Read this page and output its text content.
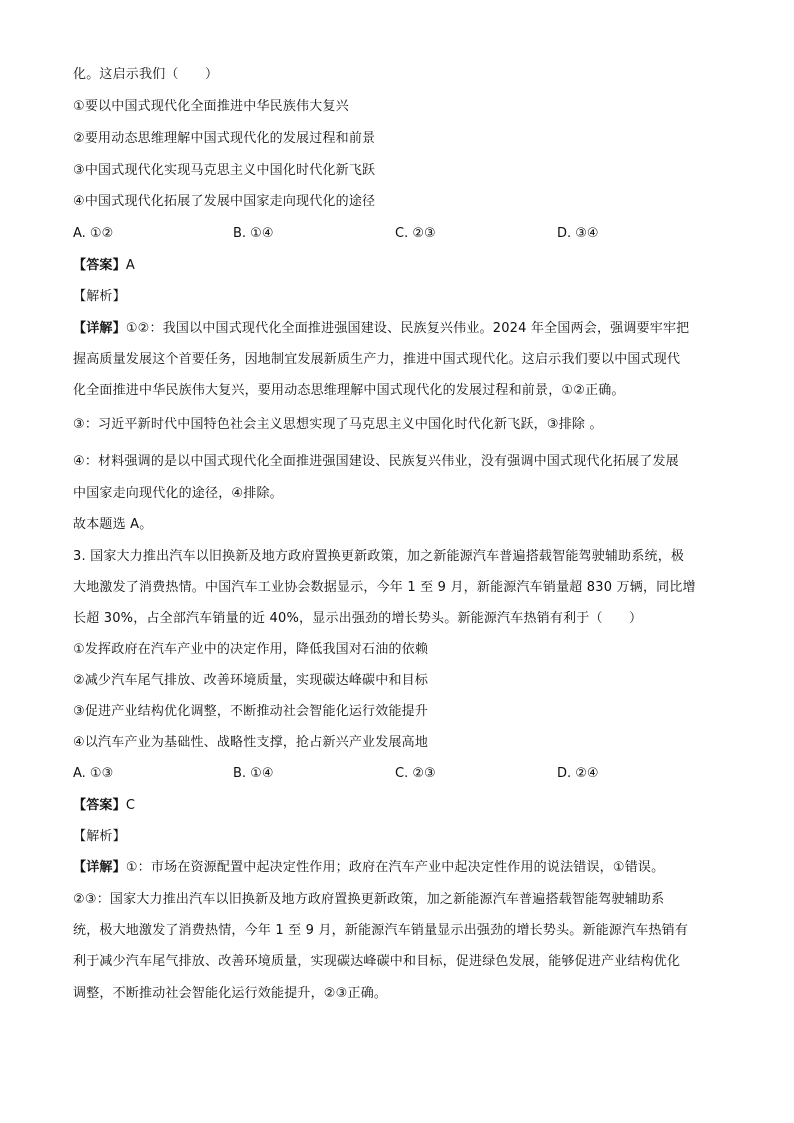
化。这启示我们（　　）
①要以中国式现代化全面推进中华民族伟大复兴
②要用动态思维理解中国式现代化的发展过程和前景
③中国式现代化实现马克思主义中国化时代化新飞跃
④中国式现代化拓展了发展中国家走向现代化的途径
A. ①②	B. ①④	C. ②③	D. ③④
【答案】A
【解析】
【详解】①②：我国以中国式现代化全面推进强国建设、民族复兴伟业。2024 年全国两会，强调要牢牢把
握高质量发展这个首要任务，因地制宜发展新质生产力，推进中国式现代化。这启示我们要以中国式现代
化全面推进中华民族伟大复兴，要用动态思维理解中国式现代化的发展过程和前景，①②正确。
③：习近平新时代中国特色社会主义思想实现了马克思主义中国化时代化新飞跃，③排除 。
④：材料强调的是以中国式现代化全面推进强国建设、民族复兴伟业，没有强调中国式现代化拓展了发展
中国家走向现代化的途径，④排除。
故本题选 A。
3. 国家大力推出汽车以旧换新及地方政府置换更新政策，加之新能源汽车普遍搭载智能驾驶辅助系统，极
大地激发了消费热情。中国汽车工业协会数据显示，今年 1 至 9 月，新能源汽车销量超 830 万辆，同比增
长超 30%，占全部汽车销量的近 40%，显示出强劲的增长势头。新能源汽车热销有利于（　　）
①发挥政府在汽车产业中的决定作用，降低我国对石油的依赖
②减少汽车尾气排放、改善环境质量，实现碳达峰碳中和目标
③促进产业结构优化调整，不断推动社会智能化运行效能提升
④以汽车产业为基础性、战略性支撑，抢占新兴产业发展高地
A. ①③	B. ①④	C. ②③	D. ②④
【答案】C
【解析】
【详解】①：市场在资源配置中起决定性作用；政府在汽车产业中起决定性作用的说法错误，①错误。
②③：国家大力推出汽车以旧换新及地方政府置换更新政策，加之新能源汽车普遍搭载智能驾驶辅助系
统，极大地激发了消费热情，今年 1 至 9 月，新能源汽车销量显示出强劲的增长势头。新能源汽车热销有
利于减少汽车尾气排放、改善环境质量，实现碳达峰碳中和目标，促进绿色发展，能够促进产业结构优化
调整，不断推动社会智能化运行效能提升，②③正确。
